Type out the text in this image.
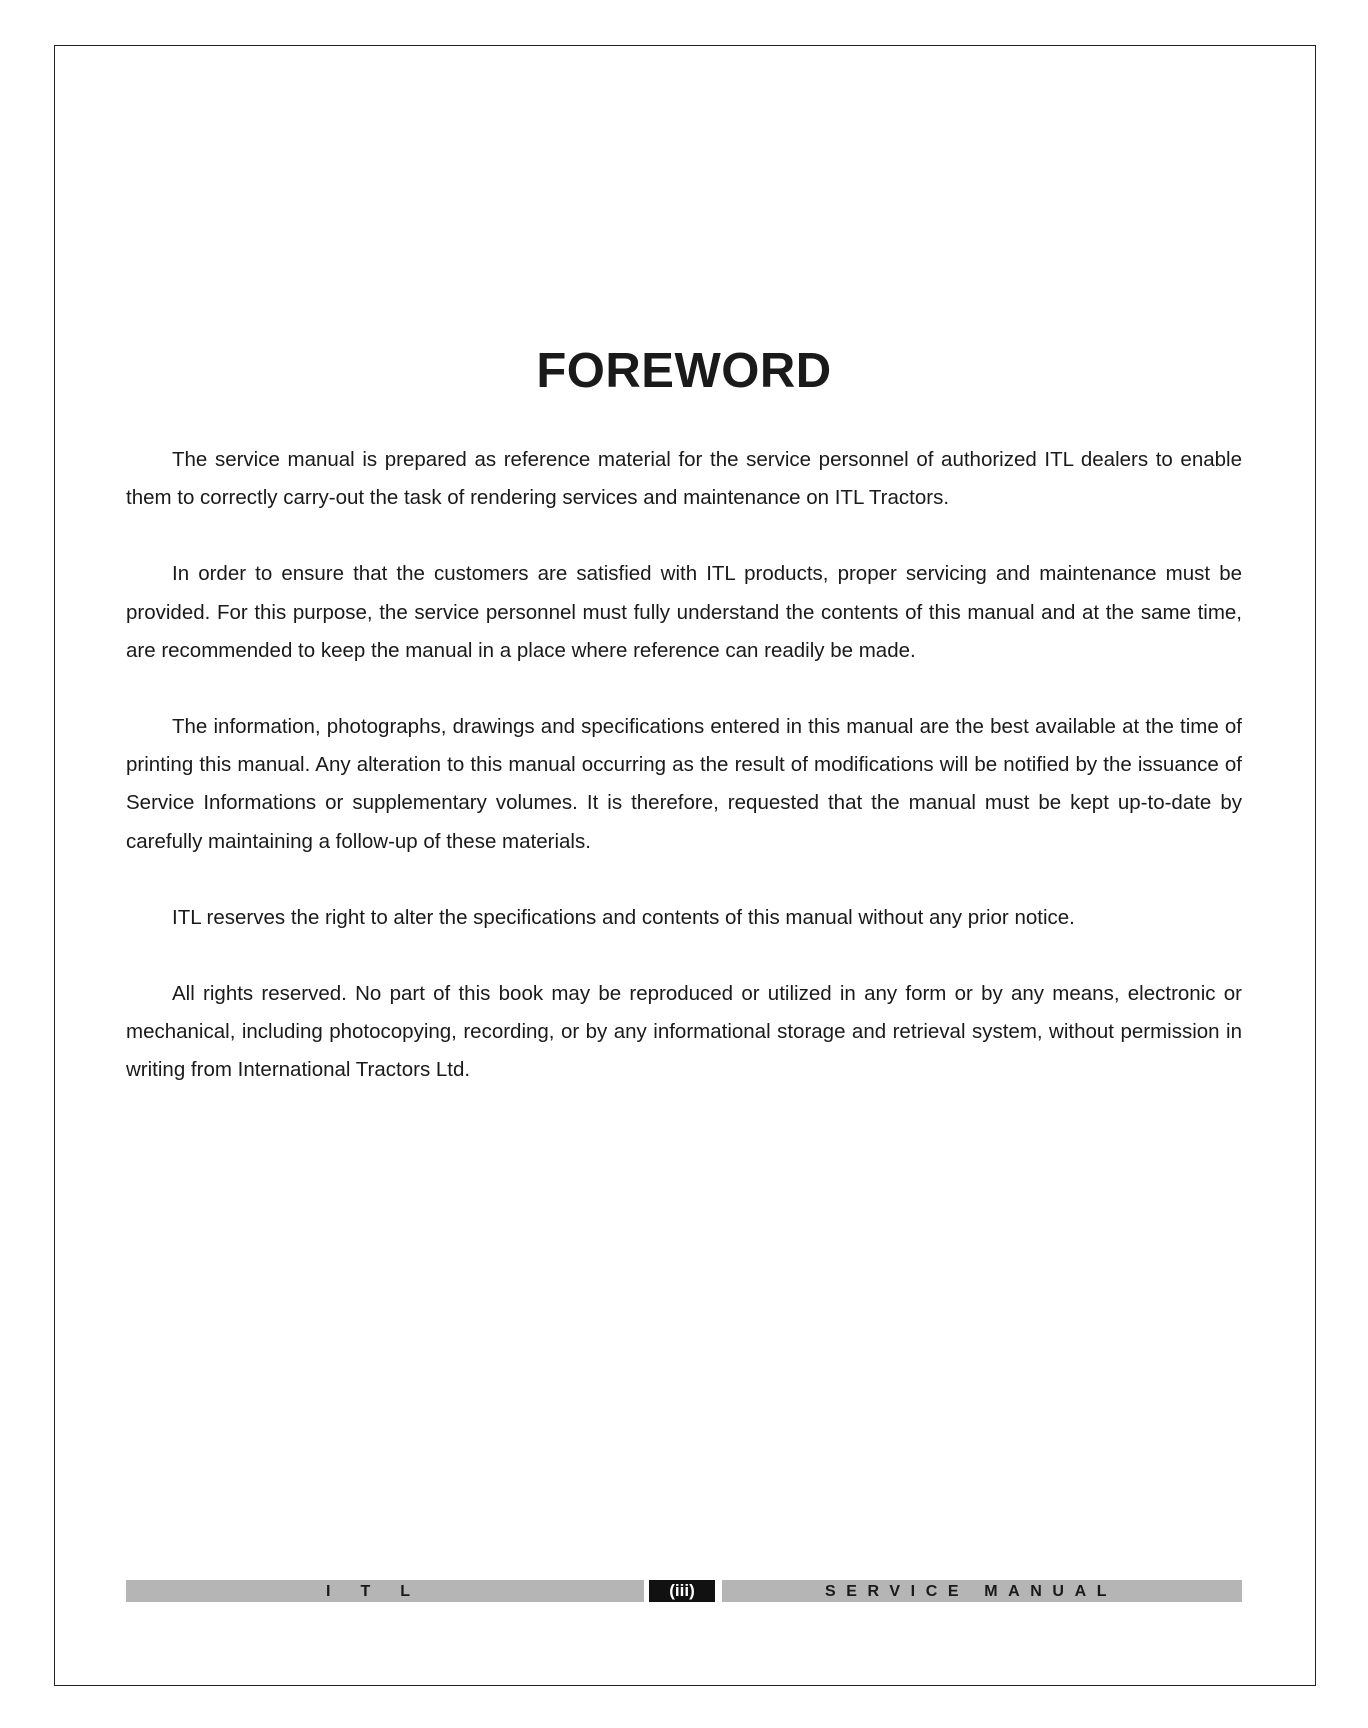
FOREWORD

The service manual is prepared as reference material for the service personnel of authorized ITL dealers to enable them to correctly carry-out the task of rendering services and maintenance on ITL Tractors.

In order to ensure that the customers are satisfied with ITL products, proper servicing and maintenance must be provided. For this purpose, the service personnel must fully understand the contents of this manual and at the same time, are recommended to keep the manual in a place where reference can readily be made.

The information, photographs, drawings and specifications entered in this manual are the best available at the time of printing this manual. Any alteration to this manual occurring as the result of modifications will be notified by the issuance of Service Informations or supplementary volumes. It is therefore, requested that the manual must be kept up-to-date by carefully maintaining a follow-up of these materials.

ITL reserves the right to alter the specifications and contents of this manual without any prior notice.

All rights reserved. No part of this book may be reproduced or utilized in any form or by any means, electronic or mechanical, including photocopying, recording, or by any informational storage and retrieval system, without permission in writing from International Tractors Ltd.

ITL	(iii)	SERVICE MANUAL
